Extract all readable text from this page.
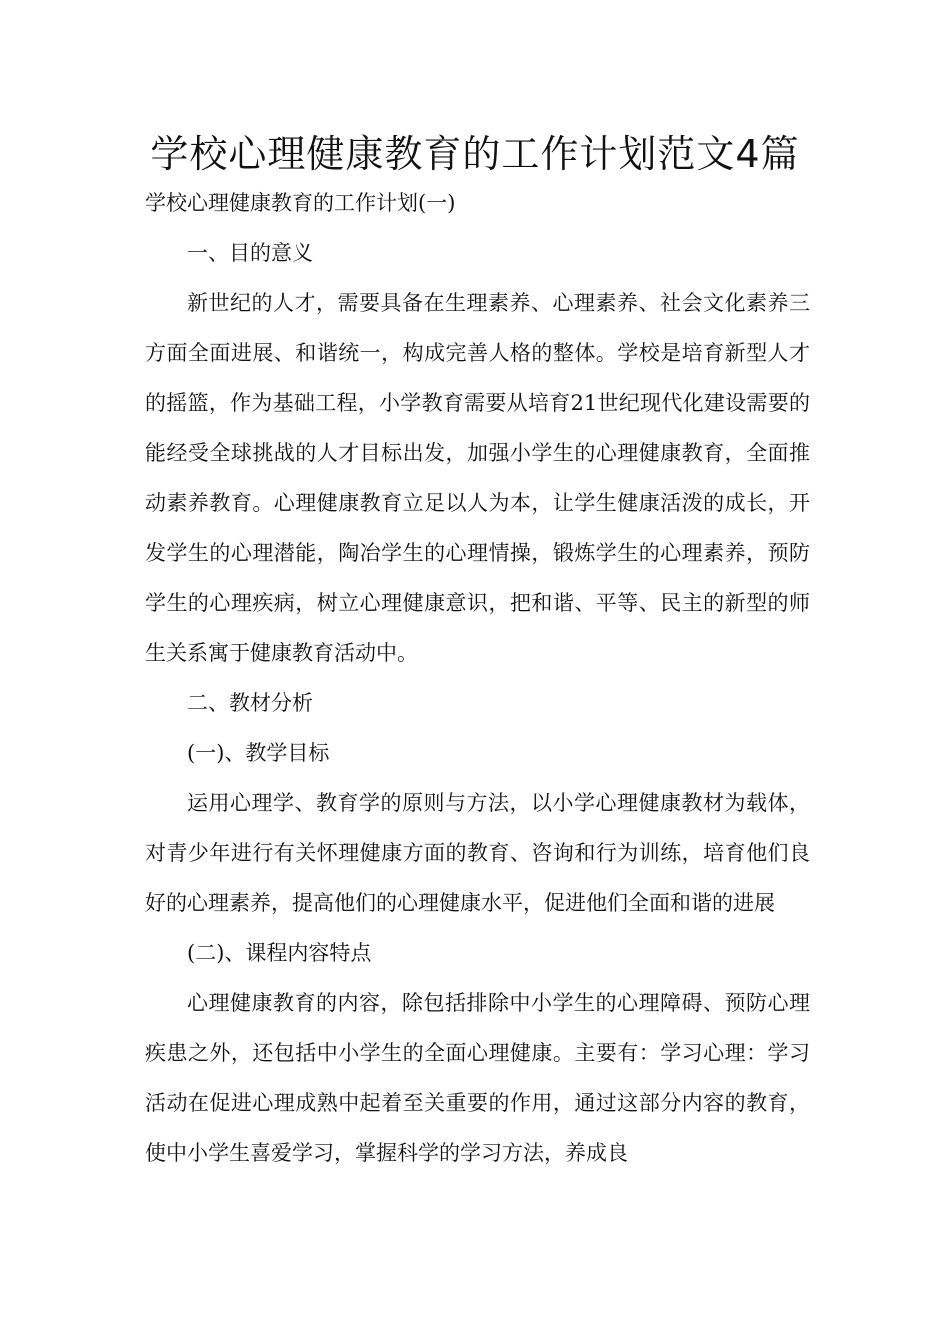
学校心理健康教育的工作计划范文4篇

学校心理健康教育的工作计划(一)

一、目的意义

新世纪的人才，需要具备在生理素养、心理素养、社会文化素养三方面全面进展、和谐统一，构成完善人格的整体。学校是培育新型人才的摇篮，作为基础工程，小学教育需要从培育21世纪现代化建设需要的能经受全球挑战的人才目标出发，加强小学生的心理健康教育，全面推动素养教育。心理健康教育立足以人为本，让学生健康活泼的成长，开发学生的心理潜能，陶冶学生的心理情操，锻炼学生的心理素养，预防学生的心理疾病，树立心理健康意识，把和谐、平等、民主的新型的师生关系寓于健康教育活动中。

二、教材分析

(一)、教学目标

运用心理学、教育学的原则与方法，以小学心理健康教材为载体，对青少年进行有关怀理健康方面的教育、咨询和行为训练，培育他们良好的心理素养，提高他们的心理健康水平，促进他们全面和谐的进展

(二)、课程内容特点

心理健康教育的内容，除包括排除中小学生的心理障碍、预防心理疾患之外，还包括中小学生的全面心理健康。主要有：学习心理：学习活动在促进心理成熟中起着至关重要的作用，通过这部分内容的教育，使中小学生喜爱学习，掌握科学的学习方法，养成良
